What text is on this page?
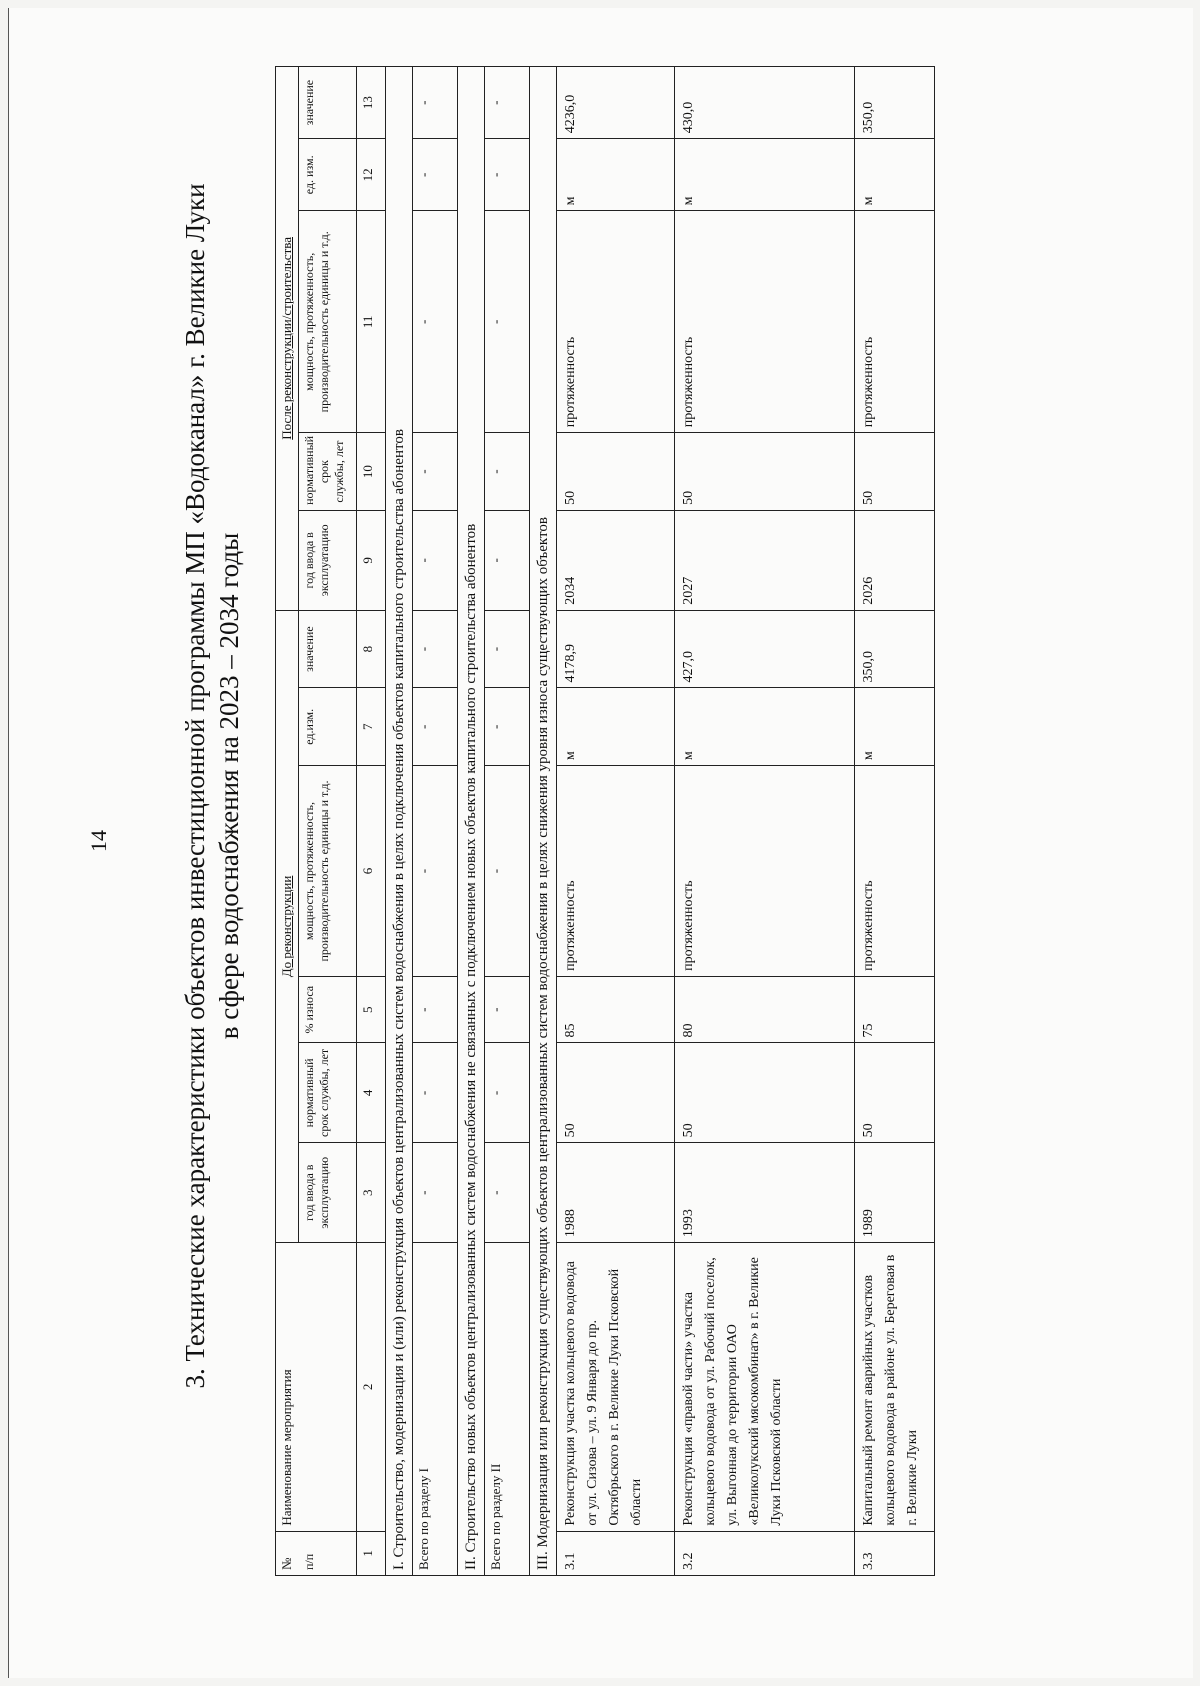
14	3. Технические характеристики объектов инвестиционной программы МП «Водоканал» г. Великие Луки в сфере водоснабжения на 2023 – 2034 годы
№	Наименование мероприятия	До реконструкции						После реконструкции/строительства				
п/п		год ввода в эксплуатацию	нормативный срок службы, лет	% износа	мощность, протяженность, производительность единицы и т.д.	ед.изм.	значение	год ввода в эксплуатацию	нормативный срок службы, лет	мощность, протяженность, производительность единицы и т.д.	ед. изм.	значение
1	2	3	4	5	6	7	8	9	10	11	12	13
I. Строительство, модернизация и (или) реконструкция объектов централизованных систем водоснабжения в целях подключения объектов капитального строительства абонентов												
Всего по разделу I		-	-	-	-	-	-	-	-	-	-	-
II. Строительство новых объектов централизованных систем водоснабжения не связанных с подключением новых объектов капитального строительства абонентов												
Всего по разделу II		-	-	-	-	-	-	-	-	-	-	-
III. Модернизация или реконструкция существующих объектов централизованных систем водоснабжения в целях снижения уровня износа существующих объектов												
3.1	Реконструкция участка кольцевого водовода от ул. Сизова – ул. 9 Января до пр. Октябрьского в г. Великие Луки Псковской области	1988	50	85	протяженность	м	4178,9	2034	50	протяженность	м	4236,0
3.2	Реконструкция «правой части» участка кольцевого водовода от ул. Рабочий поселок, ул. Выгонная до территории ОАО «Великолукский мясокомбинат» в г. Великие Луки Псковской области	1993	50	80	протяженность	м	427,0	2027	50	протяженность	м	430,0
3.3	Капитальный ремонт аварийных участков кольцевого водовода в районе ул. Береговая в г. Великие Луки	1989	50	75	протяженность	м	350,0	2026	50	протяженность	м	350,0
